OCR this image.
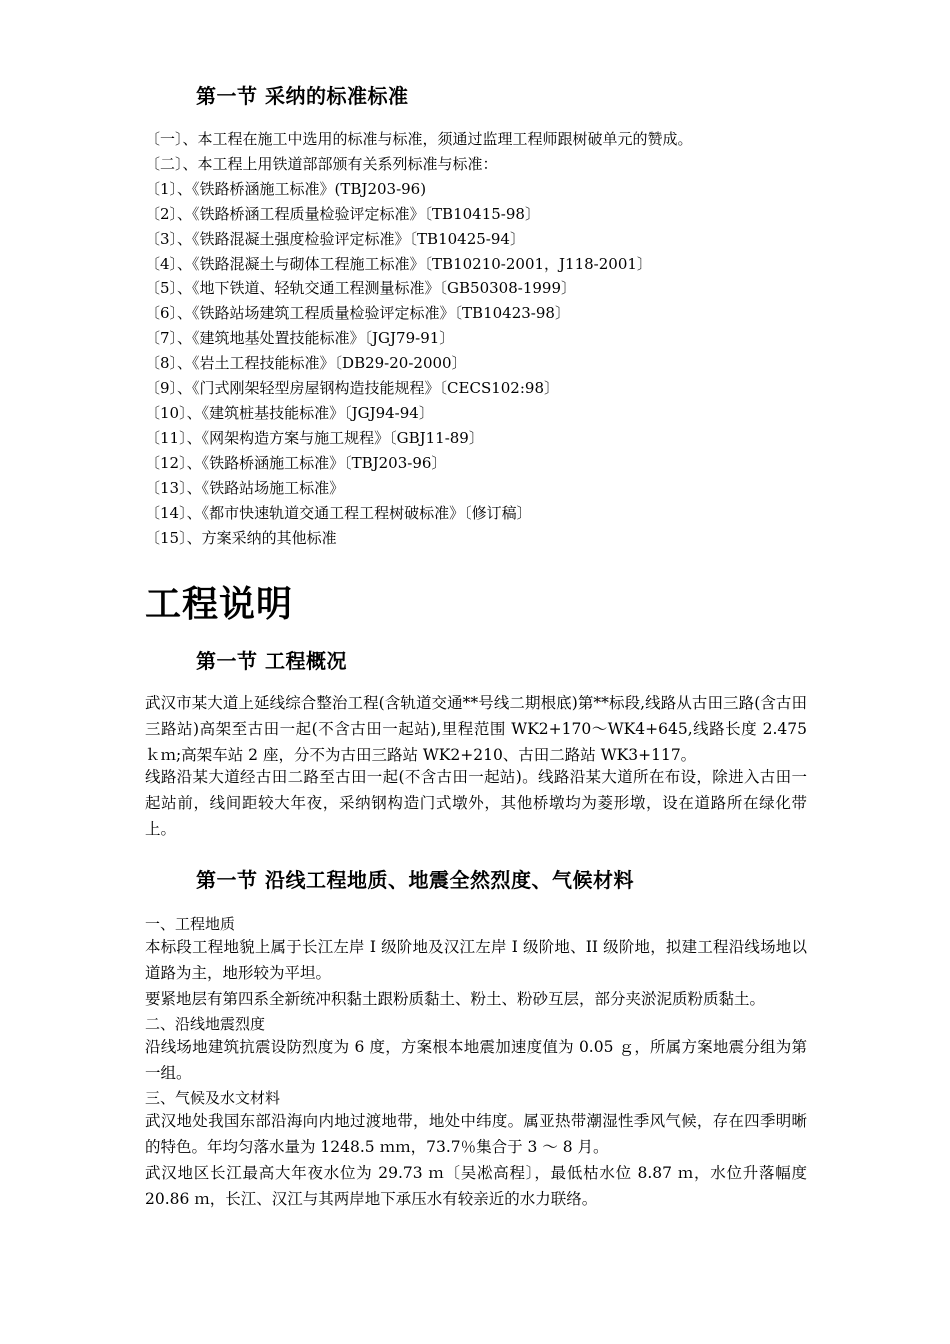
第一节 采纳的标准标准
〔一〕、本工程在施工中选用的标准与标准，须通过监理工程师跟树破单元的赞成。
〔二〕、本工程上用铁道部部颁有关系列标准与标准：
〔1〕、《铁路桥涵施工标准》(TBJ203-96)
〔2〕、《铁路桥涵工程质量检验评定标准》〔TB10415-98〕
〔3〕、《铁路混凝土强度检验评定标准》〔TB10425-94〕
〔4〕、《铁路混凝土与砌体工程施工标准》〔TB10210-2001，J118-2001〕
〔5〕、《地下铁道、轻轨交通工程测量标准》〔GB50308-1999〕
〔6〕、《铁路站场建筑工程质量检验评定标准》〔TB10423-98〕
〔7〕、《建筑地基处置技能标准》〔JGJ79-91〕
〔8〕、《岩土工程技能标准》〔DB29-20-2000〕
〔9〕、《门式刚架轻型房屋钢构造技能规程》〔CECS102:98〕
〔10〕、《建筑桩基技能标准》〔JGJ94-94〕
〔11〕、《网架构造方案与施工规程》〔GBJ11-89〕
〔12〕、《铁路桥涵施工标准》〔TBJ203-96〕
〔13〕、《铁路站场施工标准》
〔14〕、《都市快速轨道交通工程工程树破标准》〔修订稿〕
〔15〕、方案采纳的其他标准
工程说明
第一节 工程概况

武汉市某大道上延线综合整治工程(含轨道交通**号线二期根底)第**标段,线路从古田三路(含古田三路站)高架至古田一起(不含古田一起站),里程范围 WK2+170～WK4+645,线路长度 2.475 ｋｍ;高架车站 2 座，分不为古田三路站 WK2+210、古田二路站 WK3+117。

线路沿某大道经古田二路至古田一起(不含古田一起站)。线路沿某大道所在布设，除进入古田一起站前，线间距较大年夜，采纳钢构造门式墩外，其他桥墩均为菱形墩，设在道路所在绿化带上。

第一节 沿线工程地质、地震全然烈度、气候材料
一、工程地质

本标段工程地貌上属于长江左岸 I 级阶地及汉江左岸 I 级阶地、II 级阶地，拟建工程沿线场地以道路为主，地形较为平坦。

要紧地层有第四系全新统冲积黏土跟粉质黏土、粉土、粉砂互层，部分夹淤泥质粉质黏土。

二、沿线地震烈度

沿线场地建筑抗震设防烈度为 6 度，方案根本地震加速度值为 0.05 ｇ，所属方案地震分组为第一组。

三、气候及水文材料

武汉地处我国东部沿海向内地过渡地带，地处中纬度。属亚热带潮湿性季风气候，存在四季明晰的特色。年均匀落水量为 1248.5 ｍｍ，73.7％集合于 3 ～ 8 月。

武汉地区长江最高大年夜水位为 29.73 ｍ〔吴凇高程〕，最低枯水位 8.87 ｍ，水位升落幅度 20.86 ｍ，长江、汉江与其两岸地下承压水有较亲近的水力联络。
